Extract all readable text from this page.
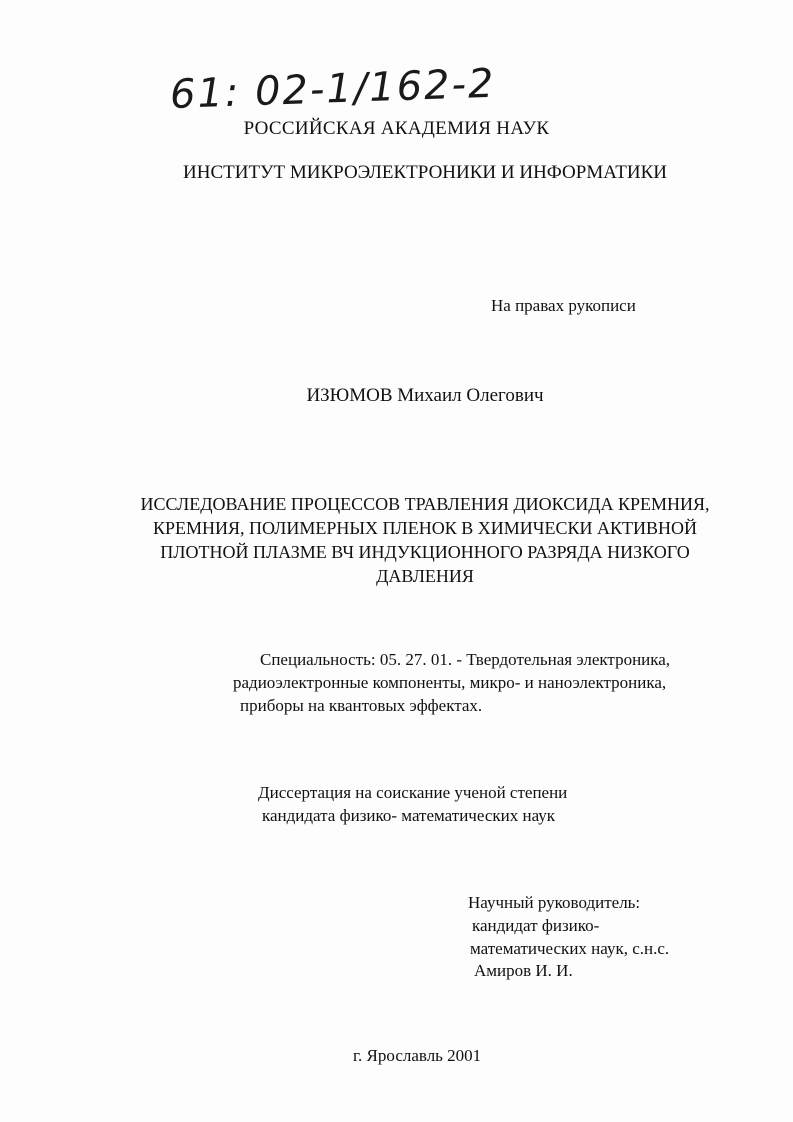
61: 02-1/162-2
РОССИЙСКАЯ АКАДЕМИЯ НАУК
ИНСТИТУТ МИКРОЭЛЕКТРОНИКИ И ИНФОРМАТИКИ
На правах рукописи
ИЗЮМОВ Михаил Олегович
ИССЛЕДОВАНИЕ ПРОЦЕССОВ ТРАВЛЕНИЯ ДИОКСИДА КРЕМНИЯ,
КРЕМНИЯ, ПОЛИМЕРНЫХ ПЛЕНОК В ХИМИЧЕСКИ АКТИВНОЙ
ПЛОТНОЙ ПЛАЗМЕ ВЧ ИНДУКЦИОННОГО РАЗРЯДА НИЗКОГО
ДАВЛЕНИЯ
Специальность: 05. 27. 01. - Твердотельная электроника,
радиоэлектронные компоненты, микро- и наноэлектроника,
приборы на квантовых эффектах.
Диссертация на соискание ученой степени
кандидата физико- математических наук
Научный руководитель:
кандидат физико-
математических наук, с.н.с.
Амиров И. И.
г. Ярославль 2001
